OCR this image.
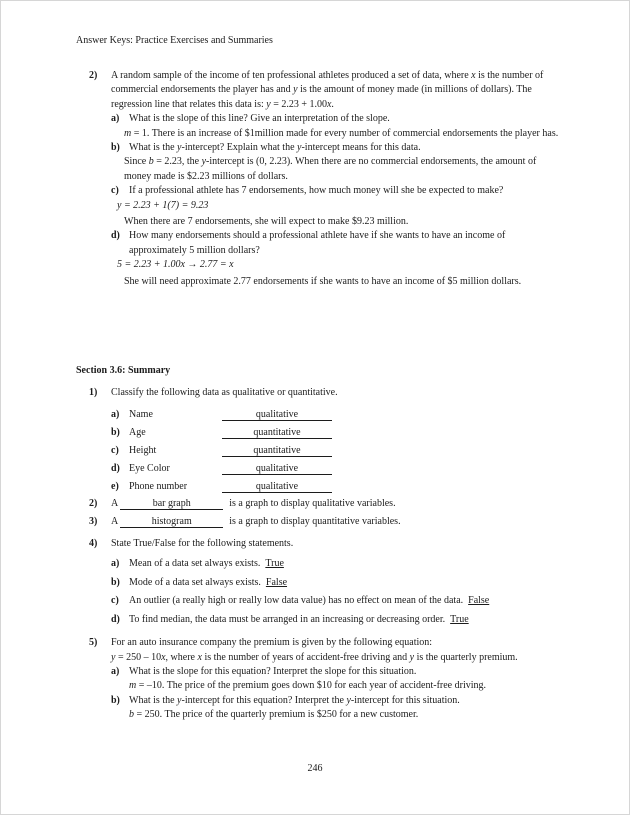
Answer Keys: Practice Exercises and Summaries
2) A random sample of the income of ten professional athletes produced a set of data, where x is the number of commercial endorsements the player has and y is the amount of money made (in millions of dollars). The regression line that relates this data is: y = 2.23 + 1.00x.
a) What is the slope of this line? Give an interpretation of the slope.
m = 1. There is an increase of $1million made for every number of commercial endorsements the player has.
b) What is the y-intercept? Explain what the y-intercept means for this data.
Since b = 2.23, the y-intercept is (0, 2.23). When there are no commercial endorsements, the amount of money made is $2.23 millions of dollars.
c) If a professional athlete has 7 endorsements, how much money will she be expected to make?
y = 2.23 + 1(7) = 9.23
When there are 7 endorsements, she will expect to make $9.23 million.
d) How many endorsements should a professional athlete have if she wants to have an income of approximately 5 million dollars?
5 = 2.23 + 1.00x → 2.77 = x
She will need approximate 2.77 endorsements if she wants to have an income of $5 million dollars.
Section 3.6: Summary
1) Classify the following data as qualitative or quantitative.
a) Name	qualitative
b) Age	quantitative
c) Height	quantitative
d) Eye Color	qualitative
e) Phone number	qualitative
2) A	bar graph	is a graph to display qualitative variables.
3) A	histogram	is a graph to display quantitative variables.
4) State True/False for the following statements.
a) Mean of a data set always exists. True
b) Mode of a data set always exists. False
c) An outlier (a really high or really low data value) has no effect on mean of the data. False
d) To find median, the data must be arranged in an increasing or decreasing order. True
5) For an auto insurance company the premium is given by the following equation:
y = 250 – 10x, where x is the number of years of accident-free driving and y is the quarterly premium.
a) What is the slope for this equation? Interpret the slope for this situation.
m = –10. The price of the premium goes down $10 for each year of accident-free driving.
b) What is the y-intercept for this equation? Interpret the y-intercept for this situation.
b = 250. The price of the quarterly premium is $250 for a new customer.
246
